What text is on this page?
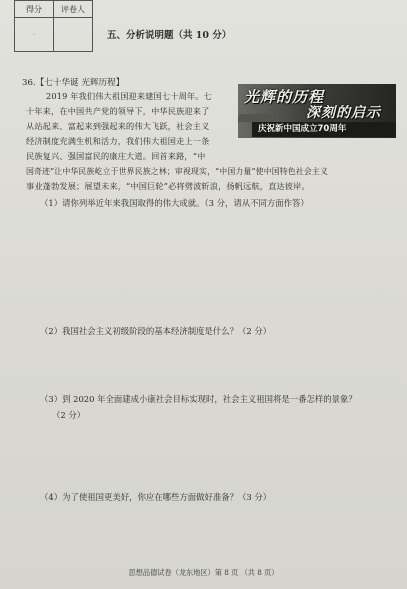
得分	评卷人
·		五、分析说明题（共 10 分）
36.【七十华诞 光辉历程】
2019 年我们伟大祖国迎来建国七十周年。七
十年来，在中国共产党的领导下，中华民族迎来了
从站起来、富起来到强起来的伟大飞跃，社会主义
经济制度充满生机和活力，我们伟大祖国走上一条
民族复兴、强国富民的康庄大道。回首来路，“中
国奇迹”让中华民族屹立于世界民族之林；审视现实，“中国力量”使中国特色社会主义
事业蓬勃发展；展望未来，“中国巨轮”必将劈波斩浪，扬帆远航，直达彼岸。
光辉的历程
深刻的启示
庆祝新中国成立70周年
（1）请你列举近年来我国取得的伟大成就。（3 分，请从不同方面作答）
（2）我国社会主义初级阶段的基本经济制度是什么？（2 分）
（3）到 2020 年全面建成小康社会目标实现时，社会主义祖国将是一番怎样的景象？
（2 分）
（4）为了使祖国更美好，你应在哪些方面做好准备？（3 分）
思想品德试卷（龙东地区）第 8 页 （共 8 页）
